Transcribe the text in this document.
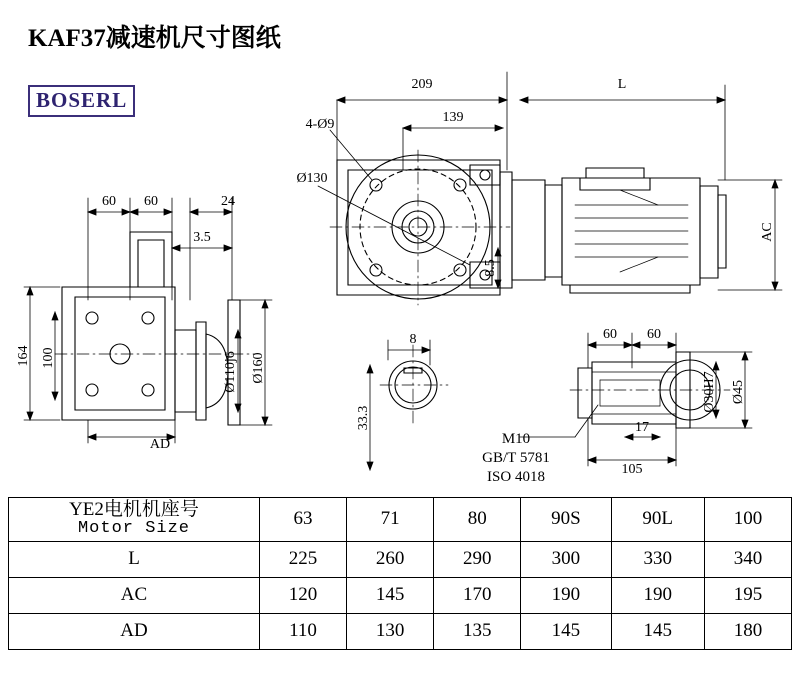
KAF37减速机尺寸图纸
BOSERL
209	L
139
4-Ø9
Ø130
60 60	24
3.5
8	60 60
17
105
AD
AC
8.5
164 100	Ø110j6 Ø160
33.3
Ø30H7 Ø45
M10
GB/T 5781
ISO 4018
YE2电机机座号
Motor Size	63	71	80	90S	90L	100
L	225	260	290	300	330	340
AC	120	145	170	190	190	195
AD	110	130	135	145	145	180
